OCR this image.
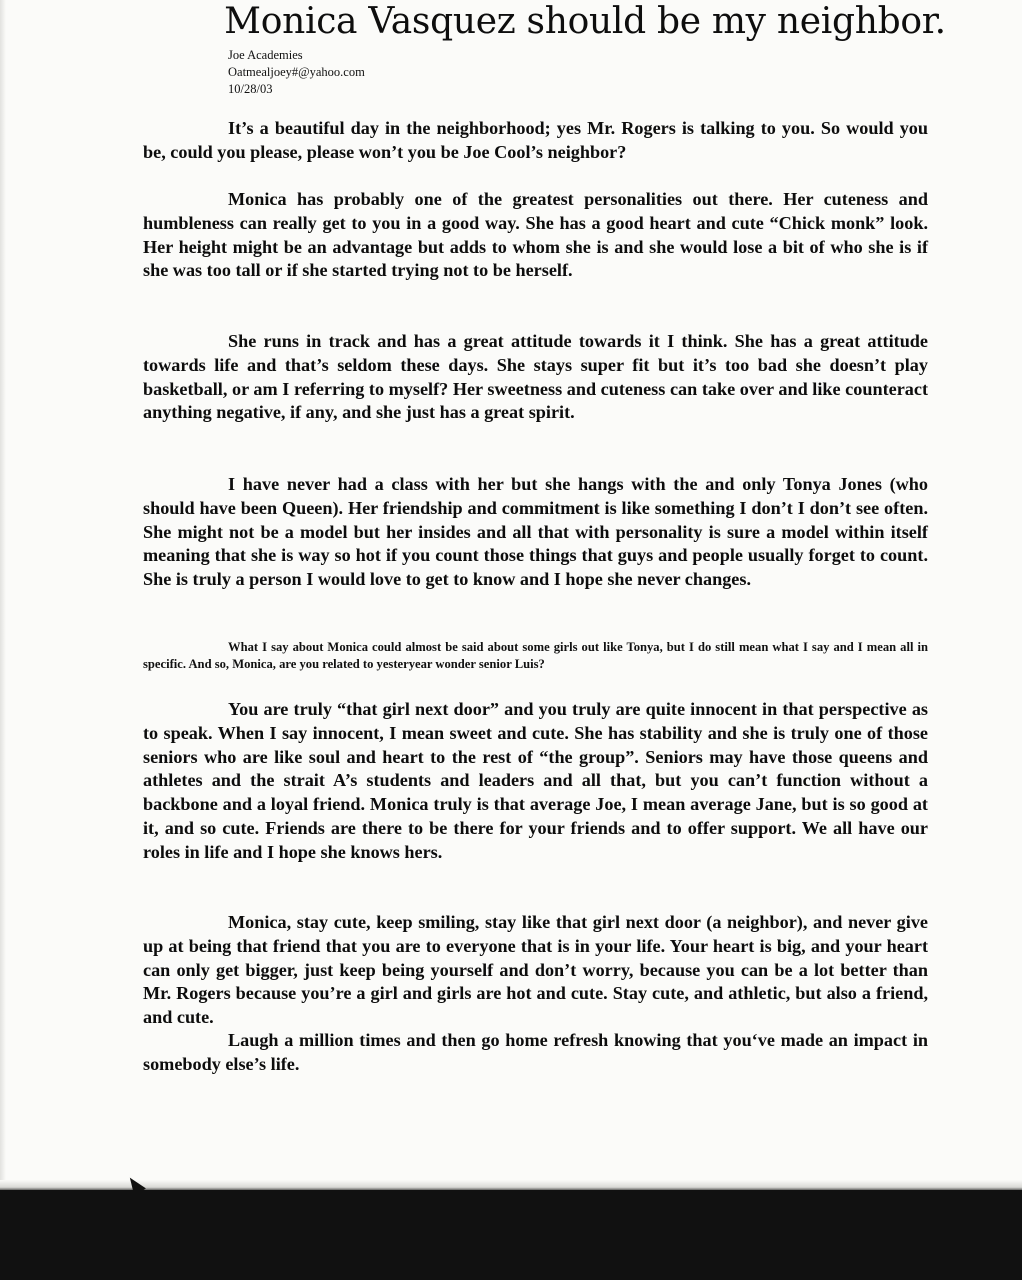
Monica Vasquez should be my neighbor.
Joe Academies
Oatmealjoey#@yahoo.com
10/28/03

It’s a beautiful day in the neighborhood; yes Mr. Rogers is talking to you. So would you be, could you please, please won’t you be Joe Cool’s neighbor?

Monica has probably one of the greatest personalities out there. Her cuteness and humbleness can really get to you in a good way. She has a good heart and cute “Chick monk” look. Her height might be an advantage but adds to whom she is and she would lose a bit of who she is if she was too tall or if she started trying not to be herself.

She runs in track and has a great attitude towards it I think. She has a great attitude towards life and that’s seldom these days. She stays super fit but it’s too bad she doesn’t play basketball, or am I referring to myself? Her sweetness and cuteness can take over and like counteract anything negative, if any, and she just has a great spirit.

I have never had a class with her but she hangs with the and only Tonya Jones (who should have been Queen). Her friendship and commitment is like something I don’t I don’t see often. She might not be a model but her insides and all that with personality is sure a model within itself meaning that she is way so hot if you count those things that guys and people usually forget to count. She is truly a person I would love to get to know and I hope she never changes.

What I say about Monica could almost be said about some girls out like Tonya, but I do still mean what I say and I mean all in specific. And so, Monica, are you related to yesteryear wonder senior Luis?

You are truly “that girl next door” and you truly are quite innocent in that perspective as to speak. When I say innocent, I mean sweet and cute. She has stability and she is truly one of those seniors who are like soul and heart to the rest of “the group”. Seniors may have those queens and athletes and the strait A’s students and leaders and all that, but you can’t function without a backbone and a loyal friend. Monica truly is that average Joe, I mean average Jane, but is so good at it, and so cute. Friends are there to be there for your friends and to offer support. We all have our roles in life and I hope she knows hers.

Monica, stay cute, keep smiling, stay like that girl next door (a neighbor), and never give up at being that friend that you are to everyone that is in your life. Your heart is big, and your heart can only get bigger, just keep being yourself and don’t worry, because you can be a lot better than Mr. Rogers because you’re a girl and girls are hot and cute. Stay cute, and athletic, but also a friend, and cute.

Laugh a million times and then go home refresh knowing that you‘ve made an impact in somebody else’s life.
